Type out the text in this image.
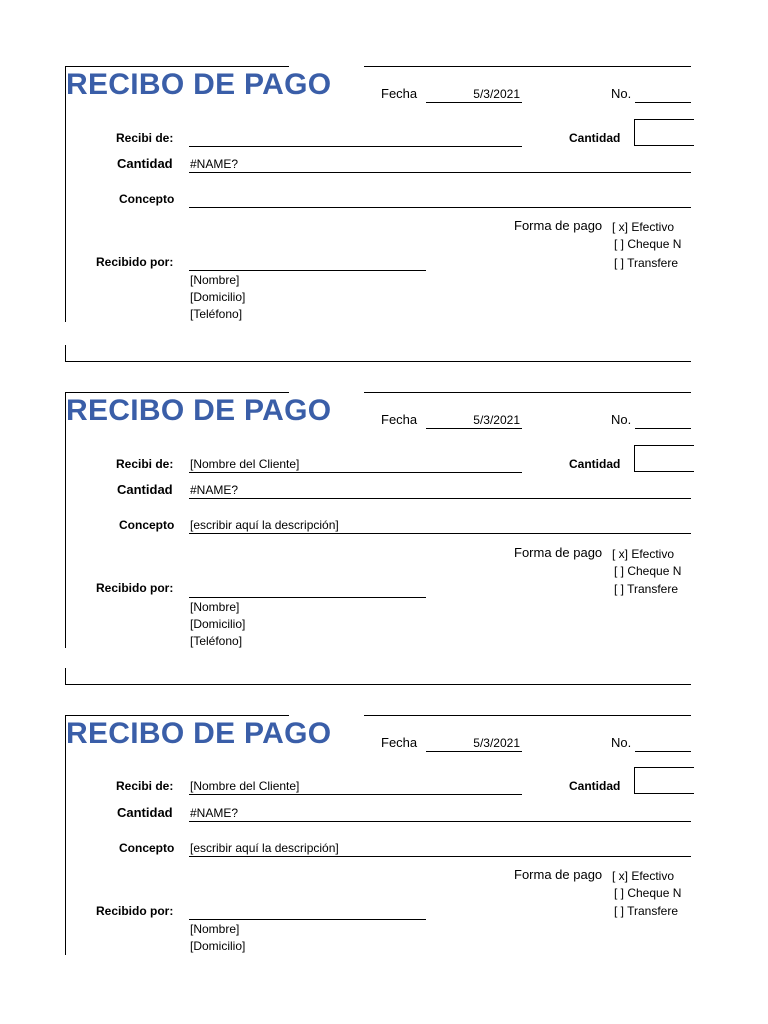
RECIBO DE PAGO	Fecha	5/3/2021	No.
Recibi de:	Cantidad
Cantidad #NAME?
Concepto
Forma de pago [ x] Efectivo
[ ] Cheque N
[ ] Transfere
Recibido por:
[Nombre]
[Domicilio]
[Teléfono]
RECIBO DE PAGO	Fecha	5/3/2021	No.
Recibi de: [Nombre del Cliente]	Cantidad
Cantidad #NAME?
Concepto [escribir aquí la descripción]
Forma de pago [ x] Efectivo
[ ] Cheque N
[ ] Transfere
Recibido por:
[Nombre]
[Domicilio]
[Teléfono]
RECIBO DE PAGO	Fecha	5/3/2021	No.
Recibi de: [Nombre del Cliente]	Cantidad
Cantidad #NAME?
Concepto [escribir aquí la descripción]
Forma de pago [ x] Efectivo
[ ] Cheque N
[ ] Transfere
Recibido por:
[Nombre]
[Domicilio]
